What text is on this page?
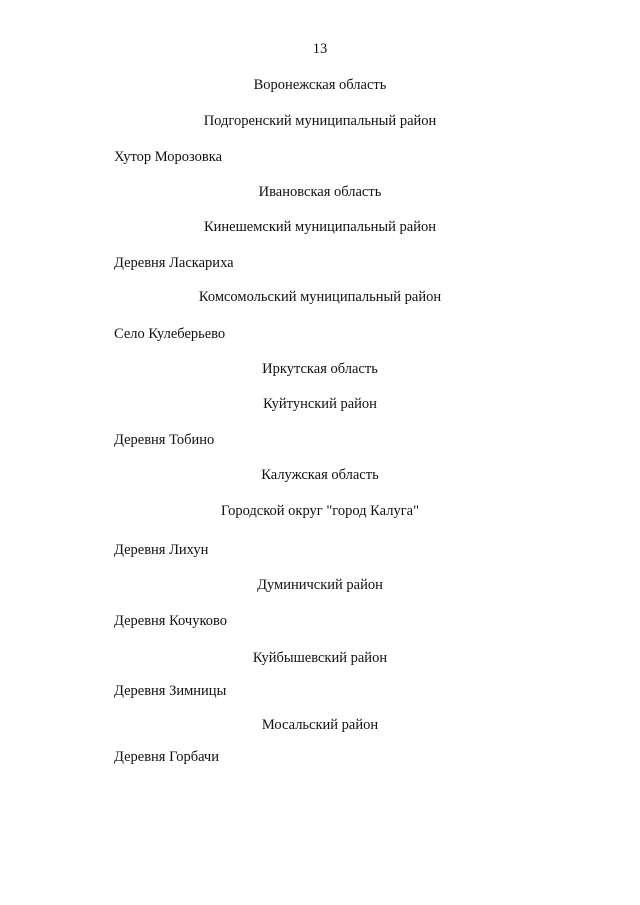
13
Воронежская область
Подгоренский муниципальный район
Хутор Морозовка
Ивановская область
Кинешемский муниципальный район
Деревня Ласкариха
Комсомольский муниципальный район
Село Кулеберьево
Иркутская область
Куйтунский район
Деревня Тобино
Калужская область
Городской округ "город Калуга"
Деревня Лихун
Думиничский район
Деревня Кочуково
Куйбышевский район
Деревня Зимницы
Мосальский район
Деревня Горбачи
